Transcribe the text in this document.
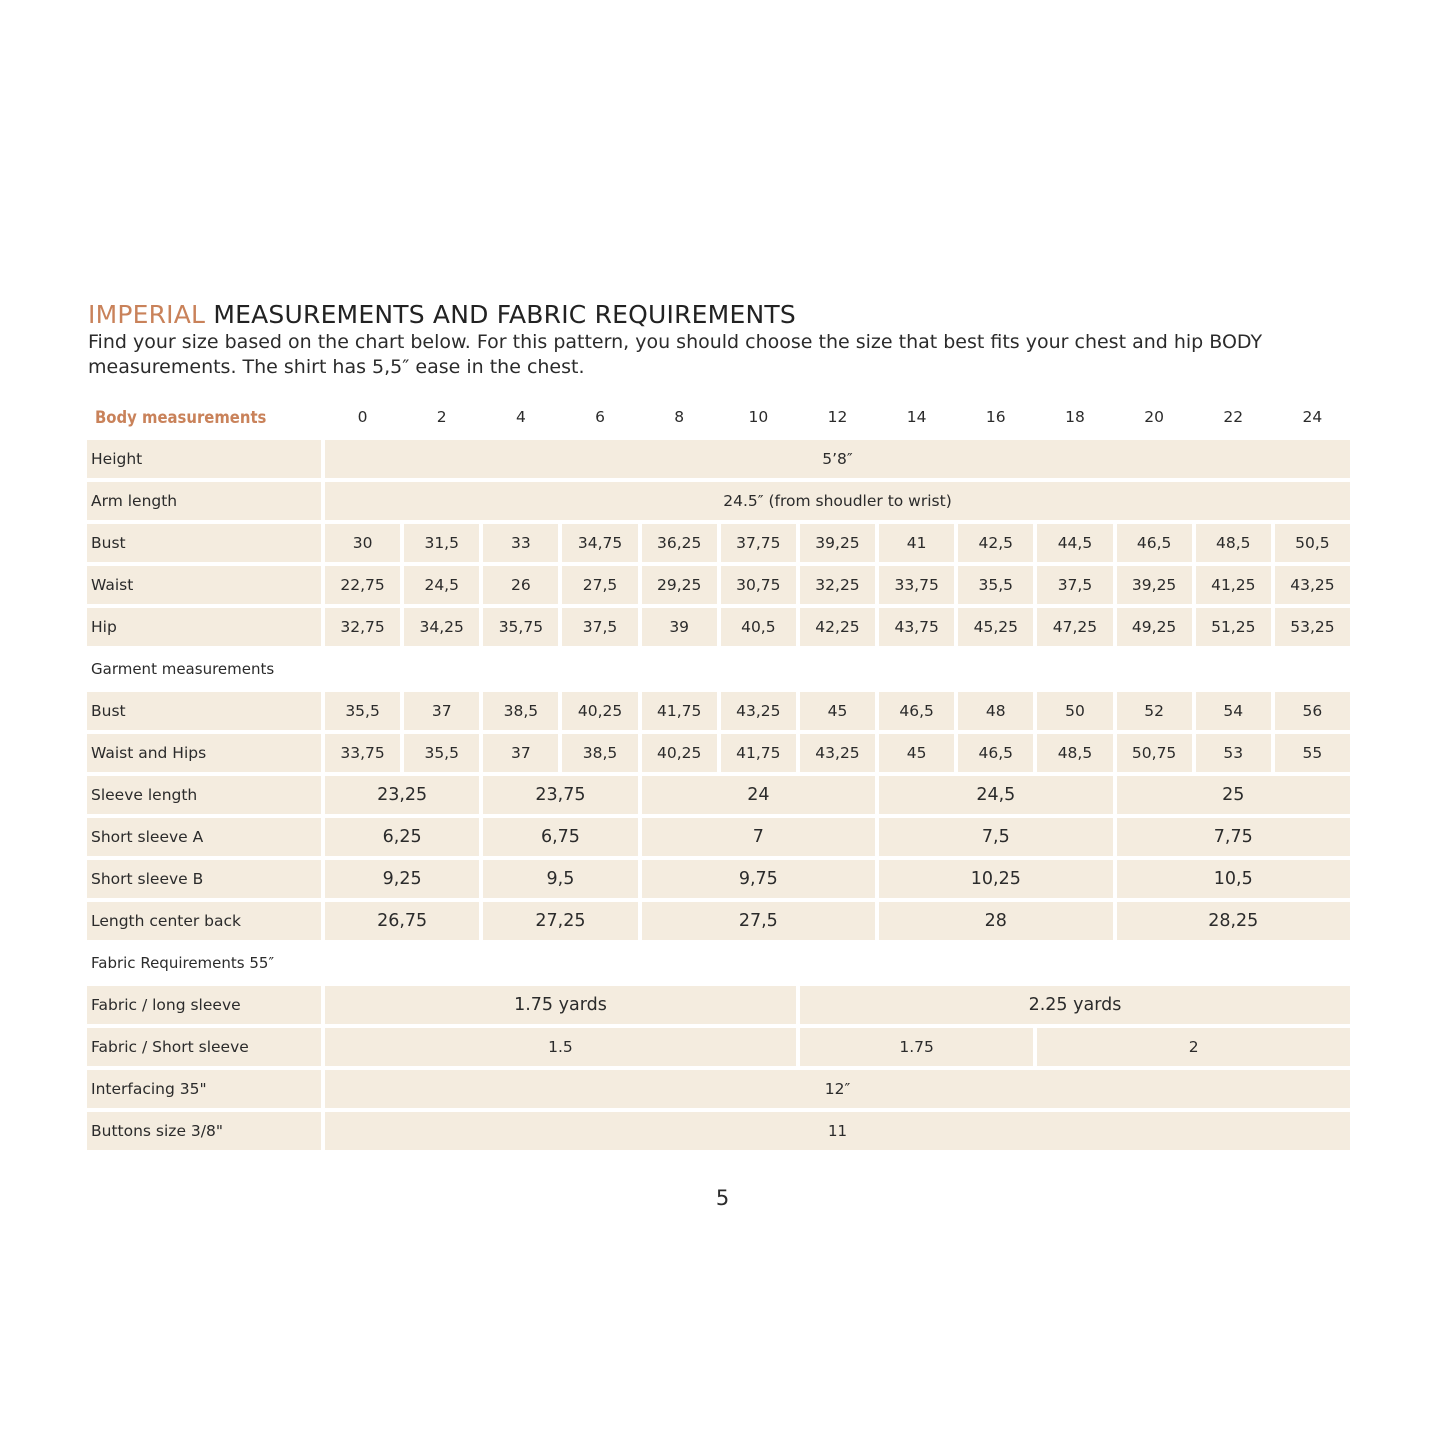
IMPERIAL MEASUREMENTS AND FABRIC REQUIREMENTS

Find your size based on the chart below. For this pattern, you should choose the size that best fits your chest and hip BODY measurements. The shirt has 5,5″ ease in the chest.

Body measurements	0	2	4	6	8	10	12	14	16	18	20	22	24
Height	5’8″
Arm length	24.5″ (from shoudler to wrist)
Bust	30	31,5	33	34,75	36,25	37,75	39,25	41	42,5	44,5	46,5	48,5	50,5
Waist	22,75	24,5	26	27,5	29,25	30,75	32,25	33,75	35,5	37,5	39,25	41,25	43,25
Hip	32,75	34,25	35,75	37,5	39	40,5	42,25	43,75	45,25	47,25	49,25	51,25	53,25
Garment measurements
Bust	35,5	37	38,5	40,25	41,75	43,25	45	46,5	48	50	52	54	56
Waist and Hips	33,75	35,5	37	38,5	40,25	41,75	43,25	45	46,5	48,5	50,75	53	55
Sleeve length	23,25	23,75	24	24,5	25
Short sleeve A	6,25	6,75	7	7,5	7,75
Short sleeve B	9,25	9,5	9,75	10,25	10,5
Length center back	26,75	27,25	27,5	28	28,25
Fabric Requirements 55″
Fabric / long sleeve	1.75 yards	2.25 yards
Fabric / Short sleeve	1.5	1.75	2
Interfacing 35"	12″
Buttons size 3/8"	11
5
